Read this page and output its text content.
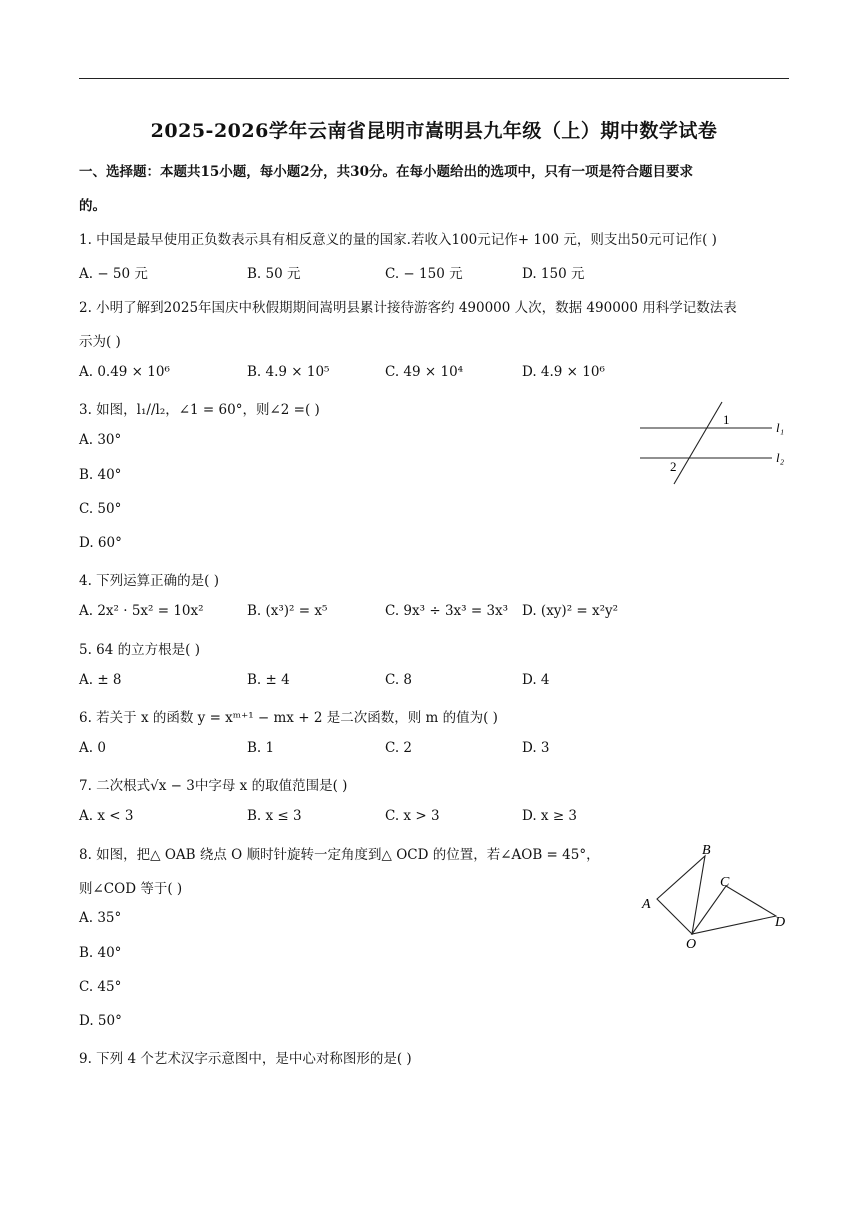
2025-2026学年云南省昆明市嵩明县九年级（上）期中数学试卷
一、选择题：本题共15小题，每小题2分，共30分。在每小题给出的选项中，只有一项是符合题目要求
的。
1. 中国是最早使用正负数表示具有相反意义的量的国家.若收入100元记作+ 100 元，则支出50元可记作( )
A. − 50 元	B. 50 元	C. − 150 元	D. 150 元
2. 小明了解到2025年国庆中秋假期期间嵩明县累计接待游客约 490000 人次，数据 490000 用科学记数法表
示为( )
A. 0.49 × 10⁶	B. 4.9 × 10⁵	C. 49 × 10⁴	D. 4.9 × 10⁶
3. 如图，l₁//l₂，∠1 = 60°，则∠2 =( )
A. 30°
B. 40°
C. 50°
D. 60°
1
2
l₁
l₂
4. 下列运算正确的是( )
A. 2x² · 5x² = 10x²	B. (x³)² = x⁵	C. 9x³ ÷ 3x³ = 3x³ D. (xy)² = x²y²
5. 64 的立方根是( )
A. ± 8	B. ± 4	C. 8	D. 4
6. 若关于 x 的函数 y = xᵐ⁺¹ − mx + 2 是二次函数，则 m 的值为( )
A. 0	B. 1	C. 2	D. 3
7. 二次根式√x − 3中字母 x 的取值范围是( )
A. x < 3	B. x ≤ 3	C. x > 3	D. x ≥ 3
8. 如图，把△ OAB 绕点 O 顺时针旋转一定角度到△ OCD 的位置，若∠AOB = 45°，
则∠COD 等于( )
A. 35°
B. 40°
C. 45°
D. 50°
A
B
C
D
O
9. 下列 4 个艺术汉字示意图中，是中心对称图形的是( )
